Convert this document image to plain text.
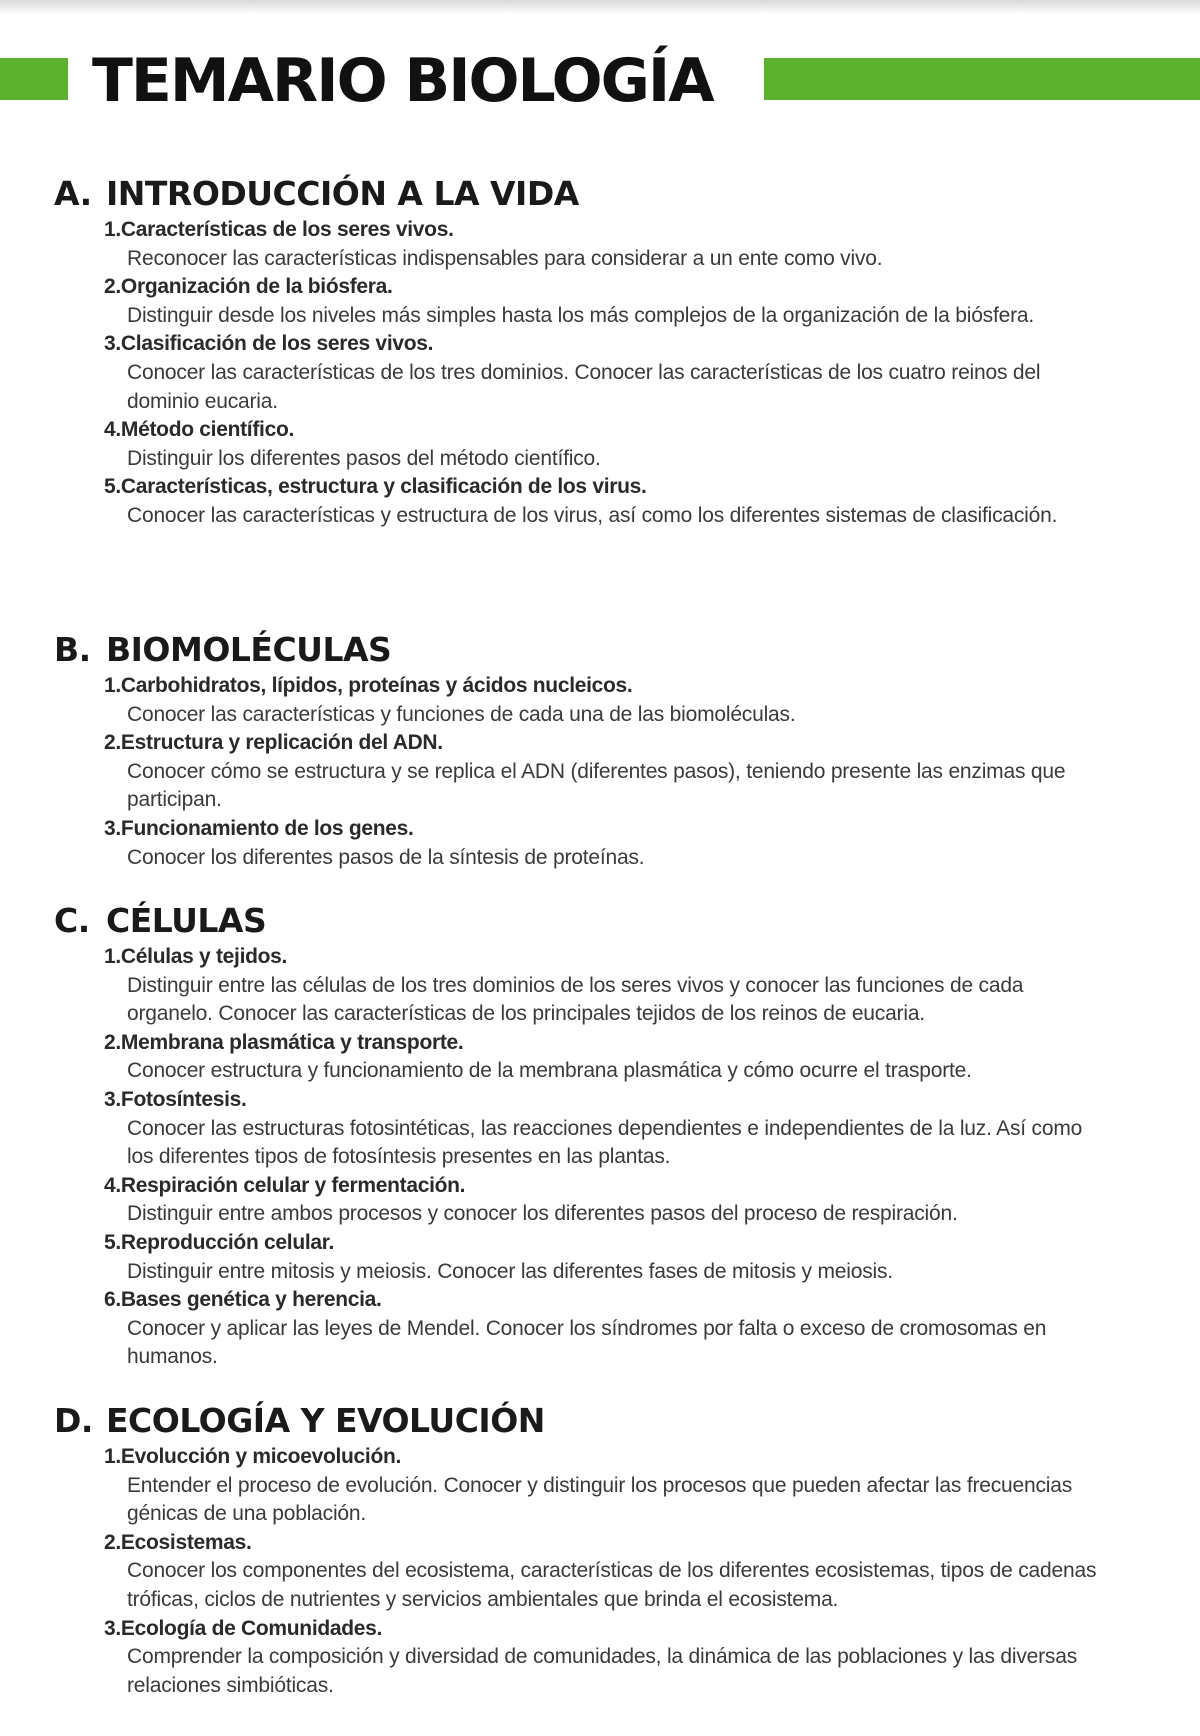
TEMARIO BIOLOGÍA
A. INTRODUCCIÓN A LA VIDA
1.Características de los seres vivos.
Reconocer las características indispensables para considerar a un ente como vivo.
2.Organización de la biósfera.
Distinguir desde los niveles más simples hasta los más complejos de la organización de la biósfera.
3.Clasificación de los seres vivos.
Conocer las características de los tres dominios. Conocer las características de los cuatro reinos del dominio eucaria.
4.Método científico.
Distinguir los diferentes pasos del método científico.
5.Características, estructura y clasificación de los virus.
Conocer las características y estructura de los virus, así como los diferentes sistemas de clasificación.
B. BIOMOLÉCULAS
1.Carbohidratos, lípidos, proteínas y ácidos nucleicos.
Conocer las características y funciones de cada una de las biomoléculas.
2.Estructura y replicación del ADN.
Conocer cómo se estructura y se replica el ADN (diferentes pasos), teniendo presente las enzimas que participan.
3.Funcionamiento de los genes.
Conocer los diferentes pasos de la síntesis de proteínas.
C. CÉLULAS
1.Células y tejidos.
Distinguir entre las células de los tres dominios de los seres vivos y conocer las funciones de cada organelo. Conocer las características de los principales tejidos de los reinos de eucaria.
2.Membrana plasmática y transporte.
Conocer estructura y funcionamiento de la membrana plasmática y cómo ocurre el trasporte.
3.Fotosíntesis.
Conocer las estructuras fotosintéticas, las reacciones dependientes e independientes de la luz. Así como los diferentes tipos de fotosíntesis presentes en las plantas.
4.Respiración celular y fermentación.
Distinguir entre ambos procesos y conocer los diferentes pasos del proceso de respiración.
5.Reproducción celular.
Distinguir entre mitosis y meiosis. Conocer las diferentes fases de mitosis y meiosis.
6.Bases genética y herencia.
Conocer y aplicar las leyes de Mendel. Conocer los síndromes por falta o exceso de cromosomas en humanos.
D. ECOLOGÍA Y EVOLUCIÓN
1.Evolucción y micoevolución.
Entender el proceso de evolución. Conocer y distinguir los procesos que pueden afectar las frecuencias génicas de una población.
2.Ecosistemas.
Conocer los componentes del ecosistema, características de los diferentes ecosistemas, tipos de cadenas tróficas, ciclos de nutrientes y servicios ambientales que brinda el ecosistema.
3.Ecología de Comunidades.
Comprender la composición y diversidad de comunidades, la dinámica de las poblaciones y las diversas relaciones simbióticas.
